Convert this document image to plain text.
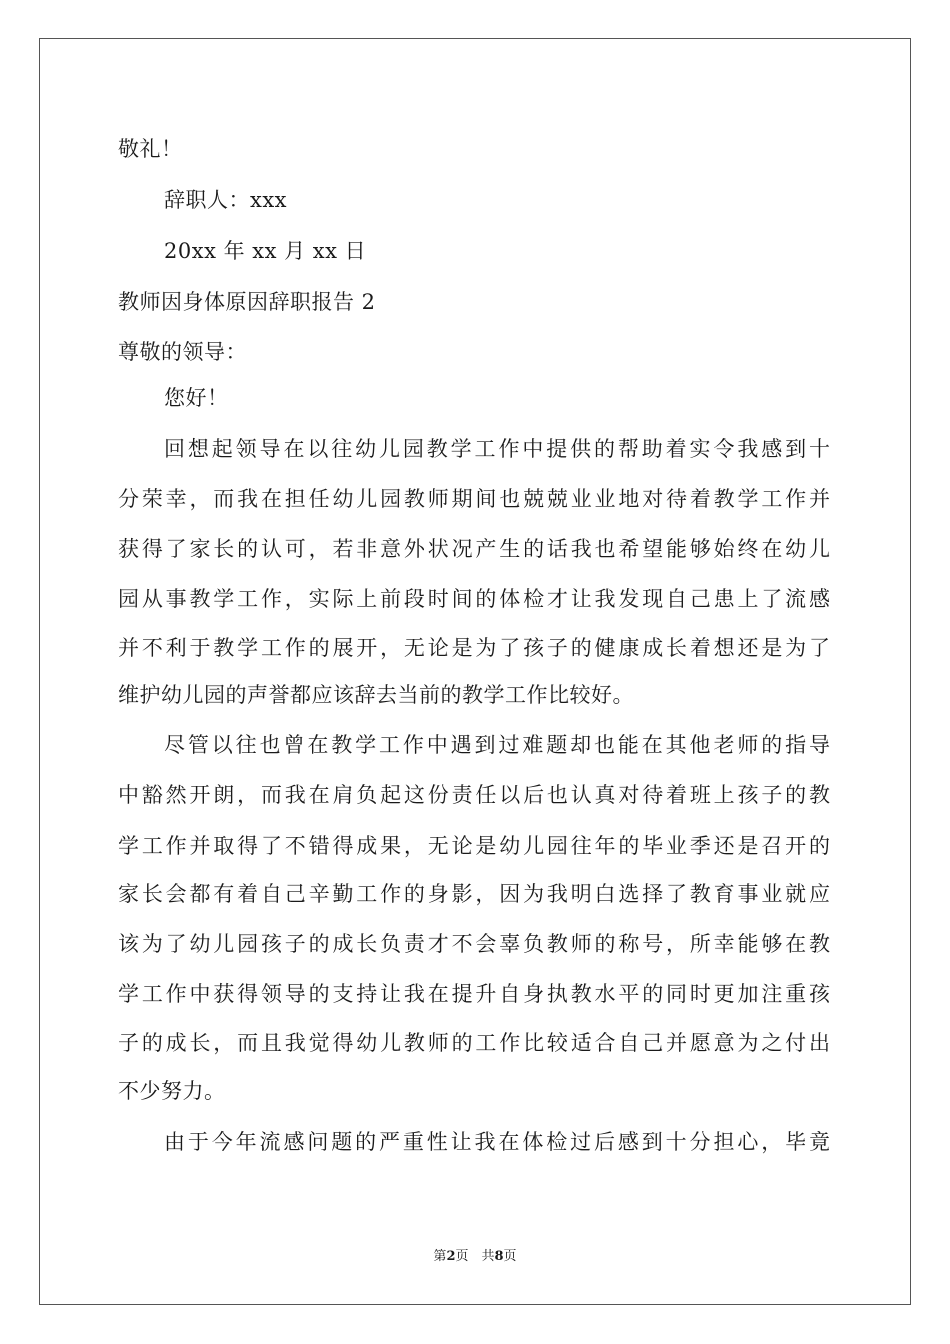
敬礼！
辞职人：xxx
20xx 年 xx 月 xx 日
教师因身体原因辞职报告 2
尊敬的领导：
您好！
回想起领导在以往幼儿园教学工作中提供的帮助着实令我感到十
分荣幸，而我在担任幼儿园教师期间也兢兢业业地对待着教学工作并
获得了家长的认可，若非意外状况产生的话我也希望能够始终在幼儿
园从事教学工作，实际上前段时间的体检才让我发现自己患上了流感
并不利于教学工作的展开，无论是为了孩子的健康成长着想还是为了
维护幼儿园的声誉都应该辞去当前的教学工作比较好。
尽管以往也曾在教学工作中遇到过难题却也能在其他老师的指导
中豁然开朗，而我在肩负起这份责任以后也认真对待着班上孩子的教
学工作并取得了不错得成果，无论是幼儿园往年的毕业季还是召开的
家长会都有着自己辛勤工作的身影，因为我明白选择了教育事业就应
该为了幼儿园孩子的成长负责才不会辜负教师的称号，所幸能够在教
学工作中获得领导的支持让我在提升自身执教水平的同时更加注重孩
子的成长，而且我觉得幼儿教师的工作比较适合自己并愿意为之付出
不少努力。
由于今年流感问题的严重性让我在体检过后感到十分担心，毕竟
第2页　共8页
